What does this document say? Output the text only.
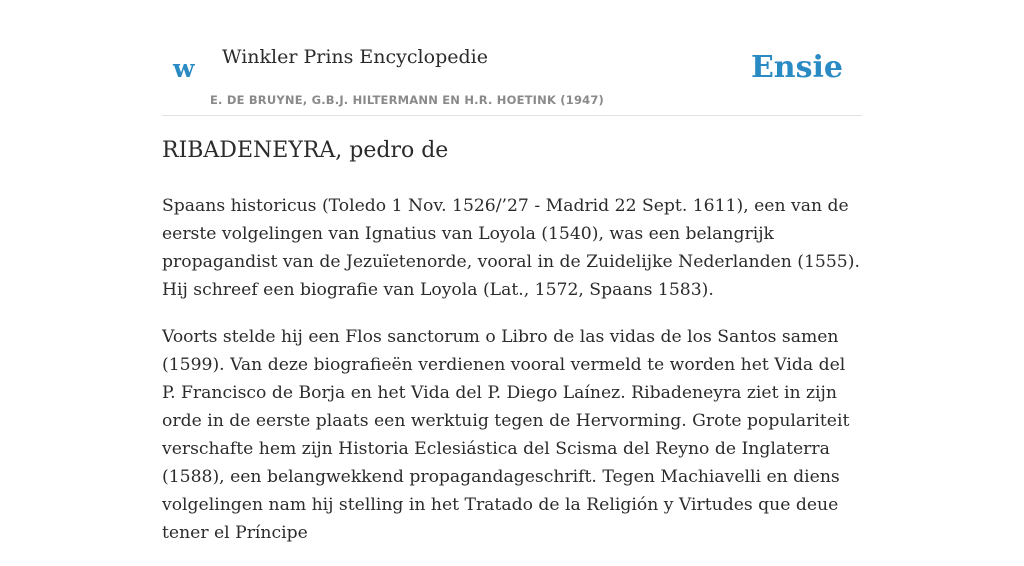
w Winkler Prins Encyclopedie
E. DE BRUYNE, G.B.J. HILTERMANN EN H.R. HOETINK (1947)
Ensie
RIBADENEYRA, pedro de

Spaans historicus (Toledo 1 Nov. 1526/’27 - Madrid 22 Sept. 1611), een van de eerste volgelingen van Ignatius van Loyola (1540), was een belangrijk propagandist van de Jezuïetenorde, vooral in de Zuidelijke Nederlanden (1555). Hij schreef een biografie van Loyola (Lat., 1572, Spaans 1583).

Voorts stelde hij een Flos sanctorum o Libro de las vidas de los Santos samen (1599). Van deze biografieën verdienen vooral vermeld te worden het Vida del P. Francisco de Borja en het Vida del P. Diego Laínez. Ribadeneyra ziet in zijn orde in de eerste plaats een werktuig tegen de Hervorming. Grote populariteit verschafte hem zijn Historia Eclesiástica del Scisma del Reyno de Inglaterra (1588), een belangwekkend propagandageschrift. Tegen Machiavelli en diens volgelingen nam hij stelling in het Tratado de la Religión y Virtudes que deue tener el Príncipe
